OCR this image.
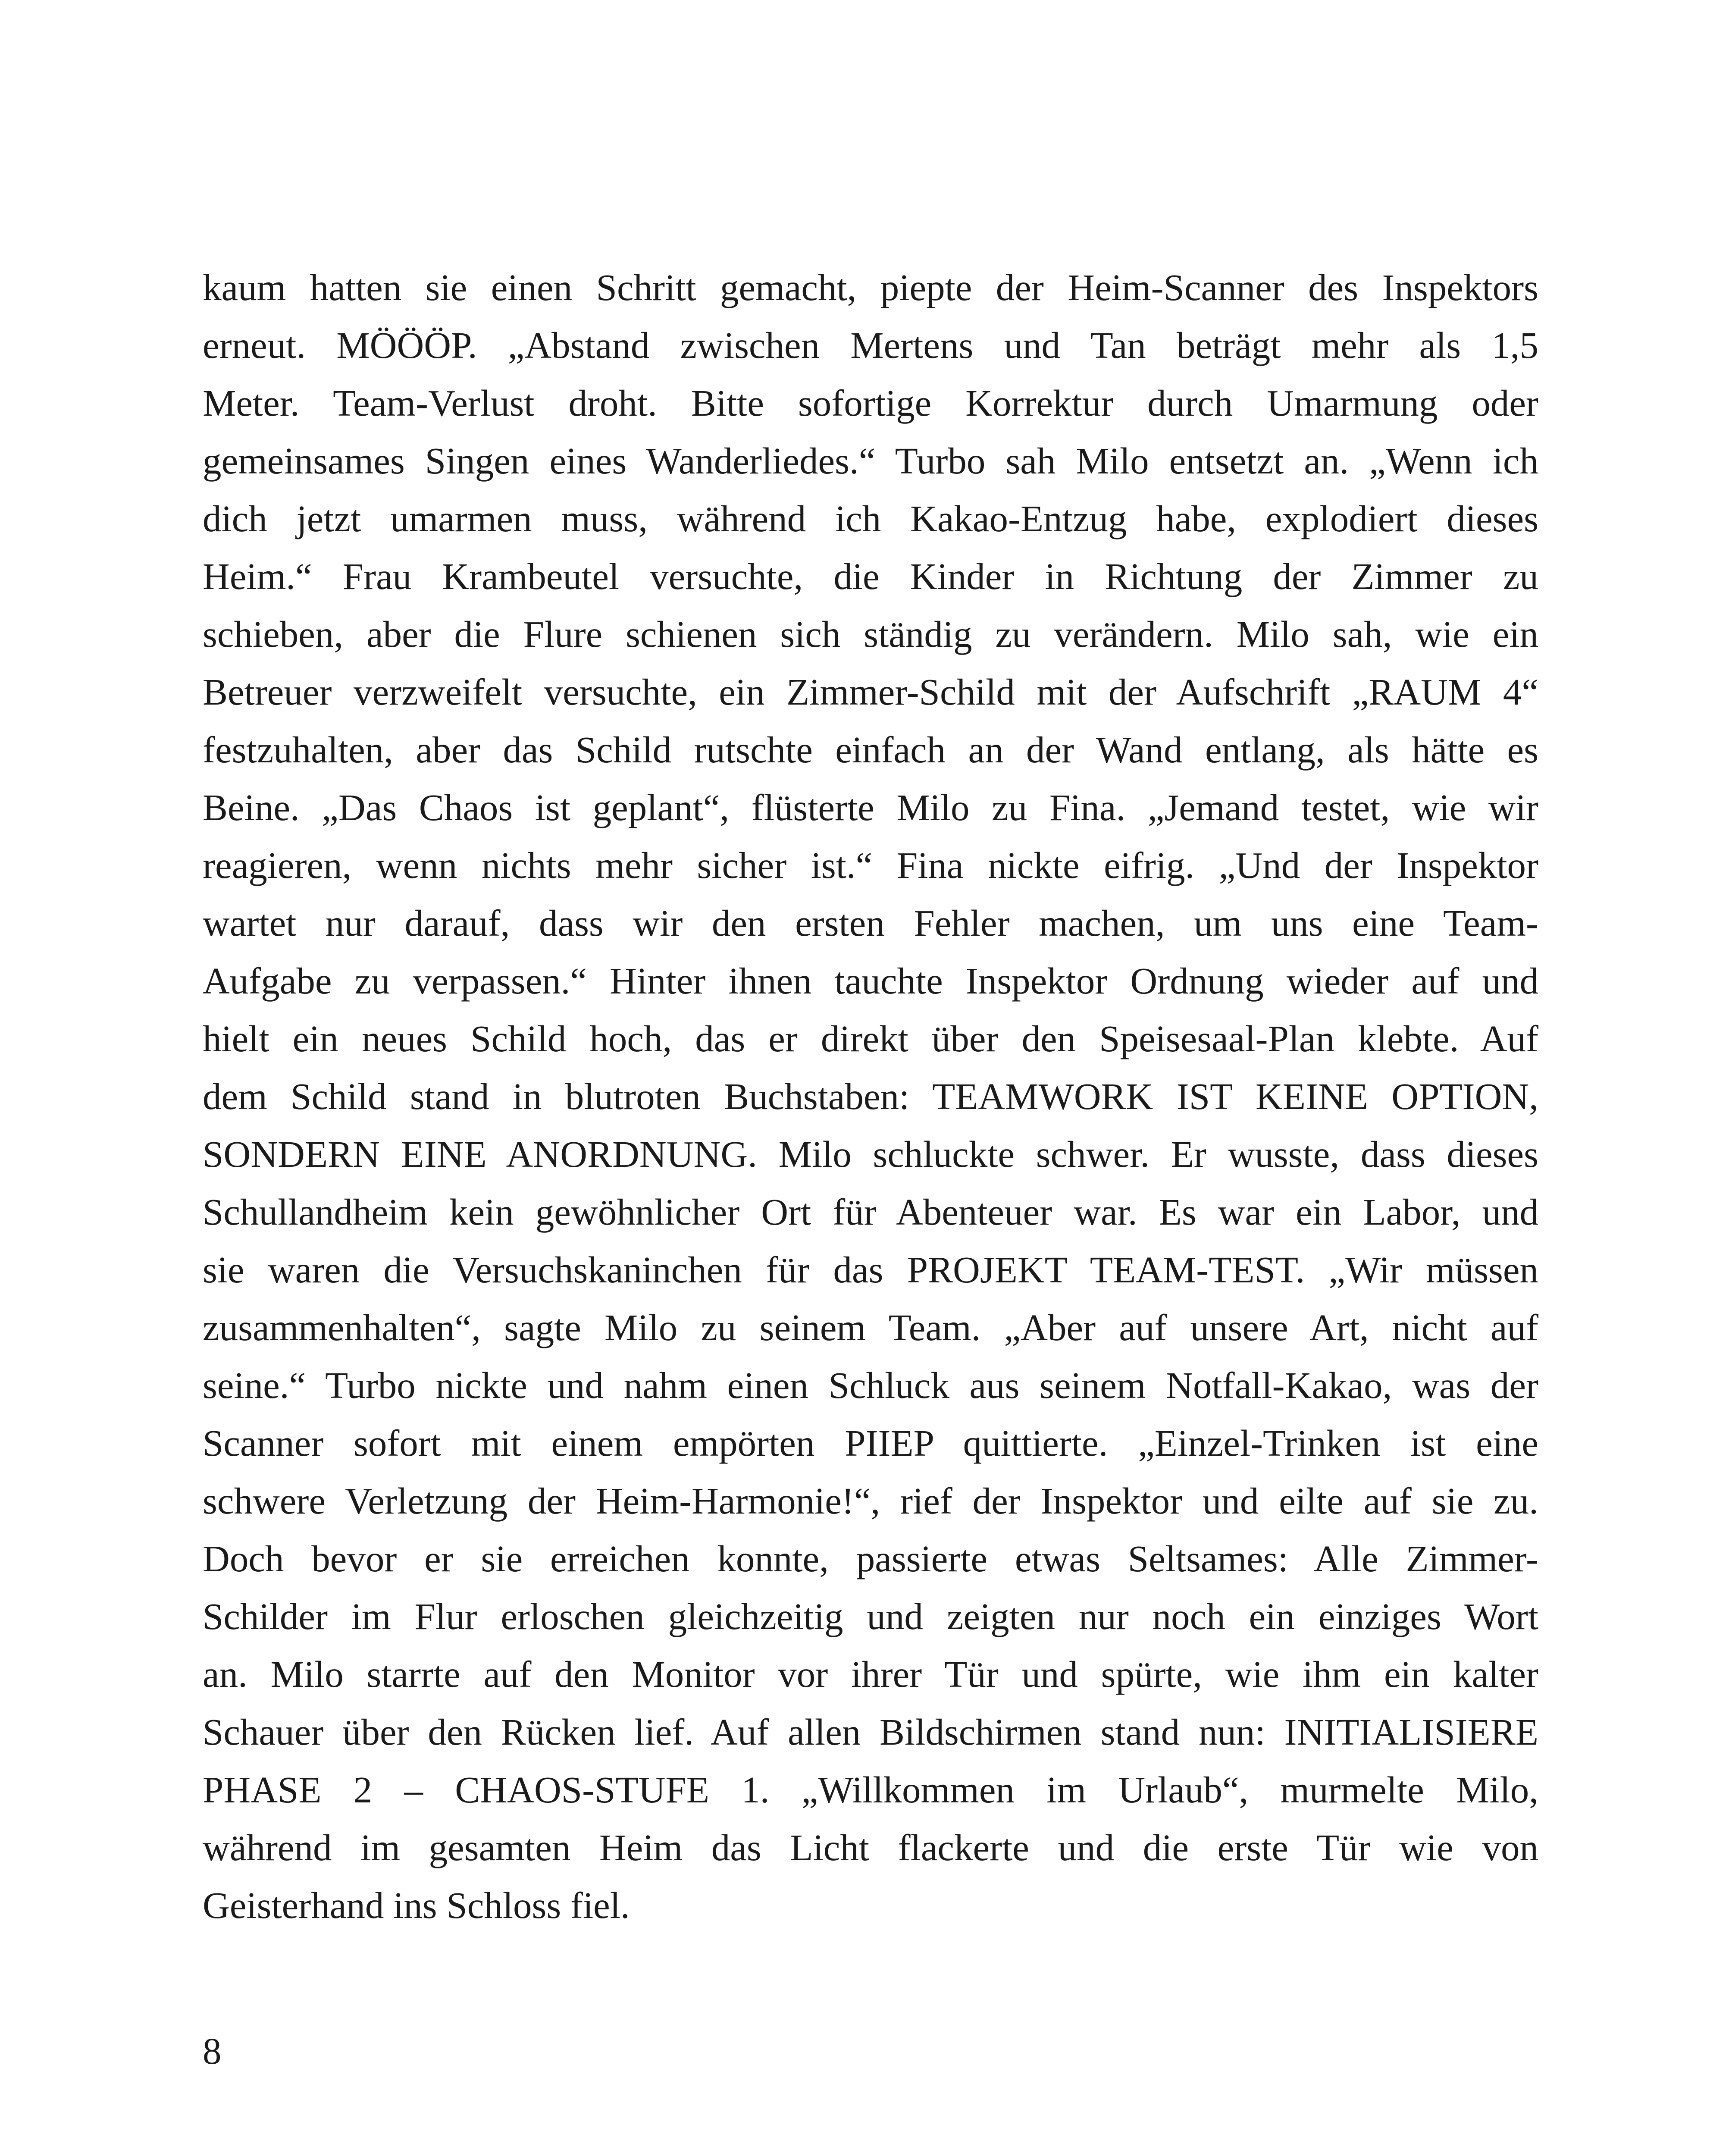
kaum hatten sie einen Schritt gemacht, piepte der Heim-Scanner des Inspektors
erneut. MÖÖÖP. „Abstand zwischen Mertens und Tan beträgt mehr als 1,5
Meter. Team-Verlust droht. Bitte sofortige Korrektur durch Umarmung oder
gemeinsames Singen eines Wanderliedes.“ Turbo sah Milo entsetzt an. „Wenn ich
dich jetzt umarmen muss, während ich Kakao-Entzug habe, explodiert dieses
Heim.“ Frau Krambeutel versuchte, die Kinder in Richtung der Zimmer zu
schieben, aber die Flure schienen sich ständig zu verändern. Milo sah, wie ein
Betreuer verzweifelt versuchte, ein Zimmer-Schild mit der Aufschrift „RAUM 4“
festzuhalten, aber das Schild rutschte einfach an der Wand entlang, als hätte es
Beine. „Das Chaos ist geplant“, flüsterte Milo zu Fina. „Jemand testet, wie wir
reagieren, wenn nichts mehr sicher ist.“ Fina nickte eifrig. „Und der Inspektor
wartet nur darauf, dass wir den ersten Fehler machen, um uns eine Team-
Aufgabe zu verpassen.“ Hinter ihnen tauchte Inspektor Ordnung wieder auf und
hielt ein neues Schild hoch, das er direkt über den Speisesaal-Plan klebte. Auf
dem Schild stand in blutroten Buchstaben: TEAMWORK IST KEINE OPTION,
SONDERN EINE ANORDNUNG. Milo schluckte schwer. Er wusste, dass dieses
Schullandheim kein gewöhnlicher Ort für Abenteuer war. Es war ein Labor, und
sie waren die Versuchskaninchen für das PROJEKT TEAM-TEST. „Wir müssen
zusammenhalten“, sagte Milo zu seinem Team. „Aber auf unsere Art, nicht auf
seine.“ Turbo nickte und nahm einen Schluck aus seinem Notfall-Kakao, was der
Scanner sofort mit einem empörten PIIEP quittierte. „Einzel-Trinken ist eine
schwere Verletzung der Heim-Harmonie!“, rief der Inspektor und eilte auf sie zu.
Doch bevor er sie erreichen konnte, passierte etwas Seltsames: Alle Zimmer-
Schilder im Flur erloschen gleichzeitig und zeigten nur noch ein einziges Wort
an. Milo starrte auf den Monitor vor ihrer Tür und spürte, wie ihm ein kalter
Schauer über den Rücken lief. Auf allen Bildschirmen stand nun: INITIALISIERE
PHASE 2 – CHAOS-STUFE 1. „Willkommen im Urlaub“, murmelte Milo,
während im gesamten Heim das Licht flackerte und die erste Tür wie von
Geisterhand ins Schloss fiel.

8
